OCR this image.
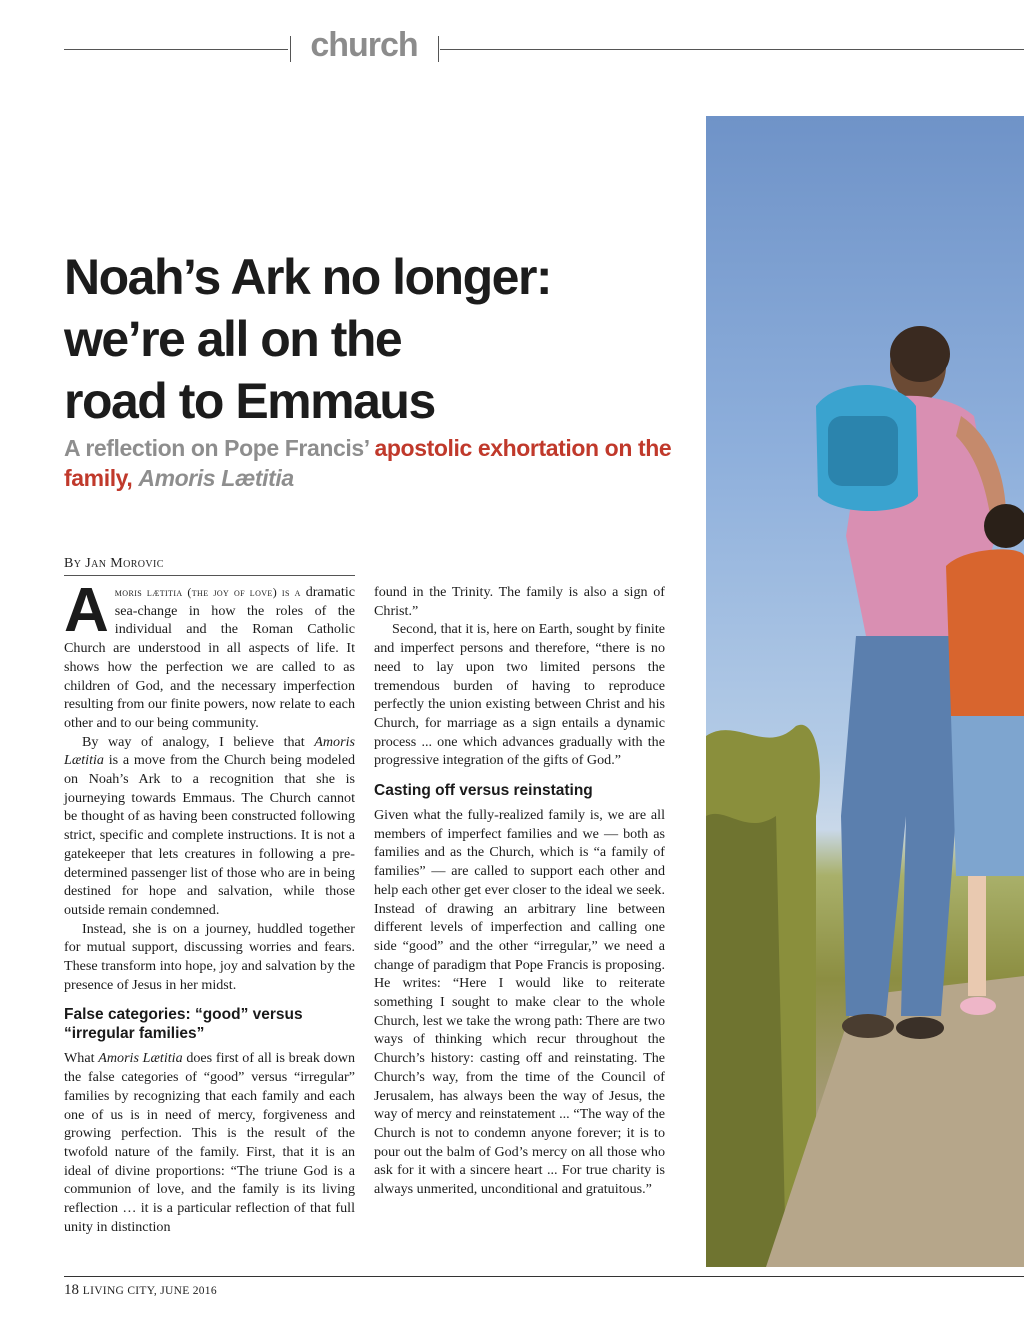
church
Noah’s Ark no longer:
we’re all on the
road to Emmaus
A reflection on Pope Francis’ apostolic exhortation on the family, Amoris Lætitia
By Jan Morovic

Amoris lætitia (the joy of love) is a dramatic sea-change in how the roles of the individual and the Roman Catholic Church are understood in all aspects of life. It shows how the perfection we are called to as children of God, and the necessary imperfection resulting from our finite powers, now relate to each other and to our being community.

By way of analogy, I believe that Amoris Lætitia is a move from the Church being modeled on Noah’s Ark to a recognition that she is journeying towards Emmaus. The Church cannot be thought of as having been constructed following strict, specific and complete instructions. It is not a gatekeeper that lets creatures in following a pre-determined passenger list of those who are in being destined for hope and salvation, while those outside remain condemned.

Instead, she is on a journey, huddled together for mutual support, discussing worries and fears. These transform into hope, joy and salvation by the presence of Jesus in her midst.

False categories: “good” versus “irregular families”

What Amoris Lætitia does first of all is break down the false categories of “good” versus “irregular” families by recognizing that each family and each one of us is in need of mercy, forgiveness and growing perfection. This is the result of the twofold nature of the family. First, that it is an ideal of divine proportions: “The triune God is a communion of love, and the family is its living reflection … it is a particular reflection of that full unity in distinction

found in the Trinity. The family is also a sign of Christ.”

Second, that it is, here on Earth, sought by finite and imperfect persons and therefore, “there is no need to lay upon two limited persons the tremendous burden of having to reproduce perfectly the union existing between Christ and his Church, for marriage as a sign entails a dynamic process ... one which advances gradually with the progressive integration of the gifts of God.”

Casting off versus reinstating

Given what the fully-realized family is, we are all members of imperfect families and we — both as families and as the Church, which is “a family of families” — are called to support each other and help each other get ever closer to the ideal we seek. Instead of drawing an arbitrary line between different levels of imperfection and calling one side “good” and the other “irregular,” we need a change of paradigm that Pope Francis is proposing. He writes: “Here I would like to reiterate something I sought to make clear to the whole Church, lest we take the wrong path: There are two ways of thinking which recur throughout the Church’s history: casting off and reinstating. The Church’s way, from the time of the Council of Jerusalem, has always been the way of Jesus, the way of mercy and reinstatement ... “The way of the Church is not to condemn anyone forever; it is to pour out the balm of God’s mercy on all those who ask for it with a sincere heart ... For true charity is always unmerited, unconditional and gratuitous.”

18 LIVING CITY, JUNE 2016
